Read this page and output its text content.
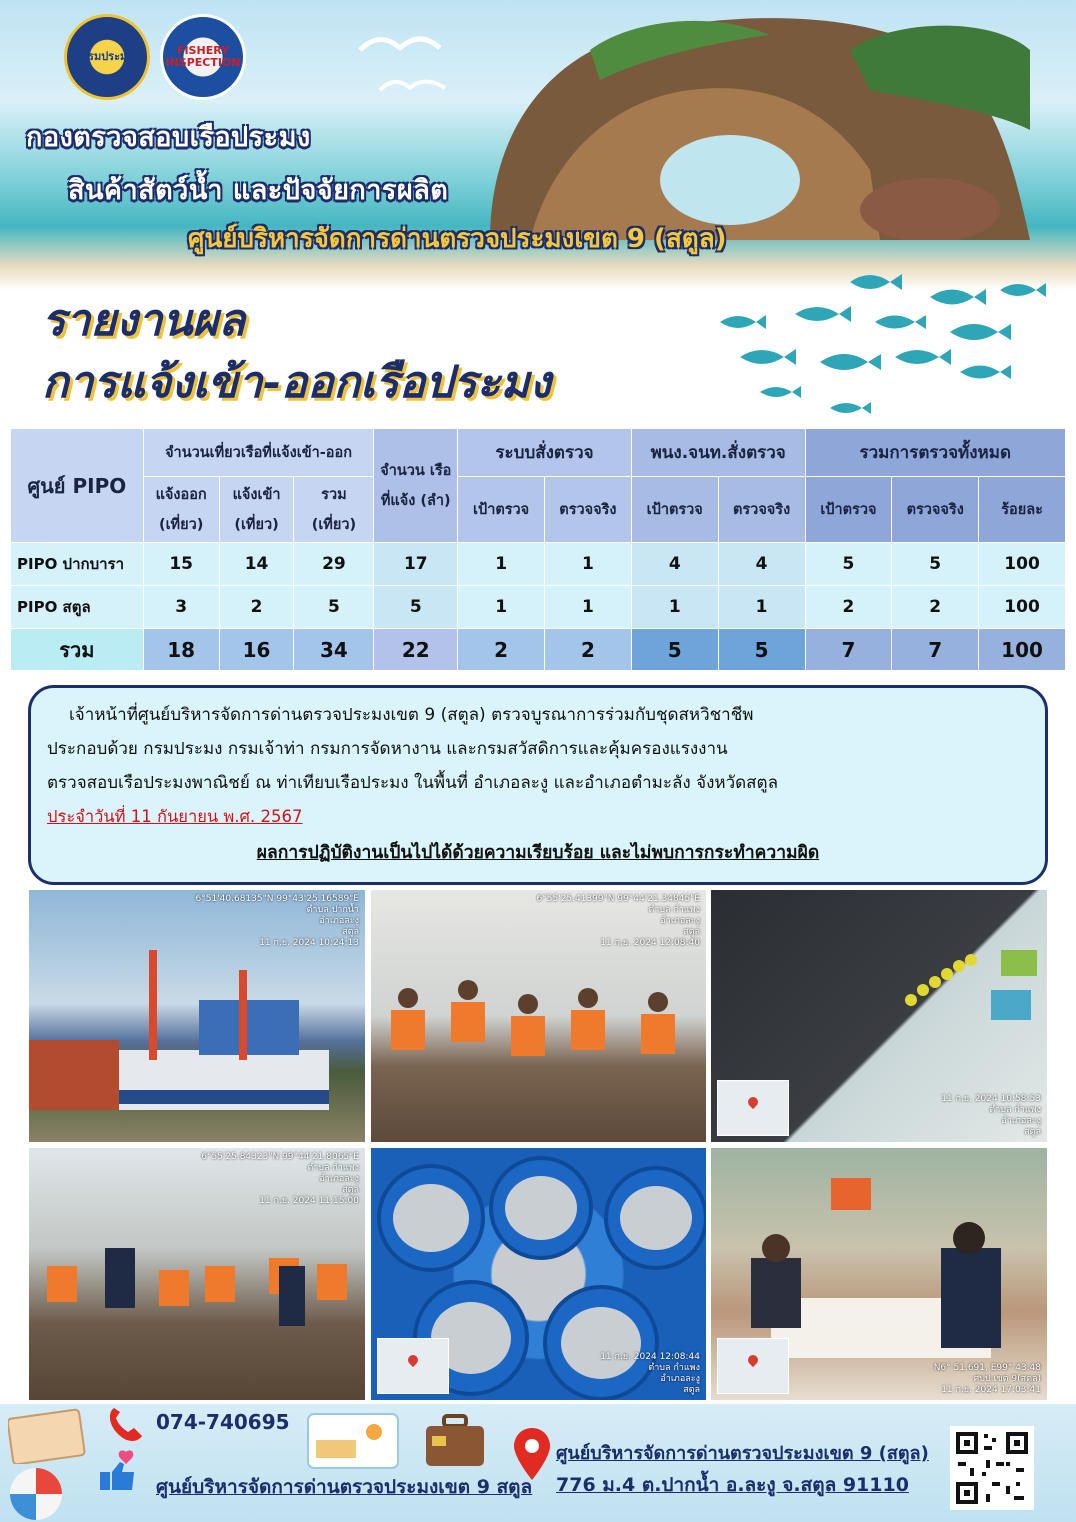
กรมประมง	FISHERY INSPECTION
กองตรวจสอบเรือประมง
สินค้าสัตว์น้ำ และปัจจัยการผลิต
ศูนย์บริหารจัดการด่านตรวจประมงเขต 9 (สตูล)
รายงานผล
การแจ้งเข้า-ออกเรือประมง
ศูนย์ PIPO	จำนวนเที่ยวเรือที่แจ้งเข้า-ออก			จำนวน เรือที่แจ้ง (ลำ)	ระบบสั่งตรวจ		พนง.จนท.สั่งตรวจ		รวมการตรวจทั้งหมด		
	แจ้งออก (เที่ยว)	แจ้งเข้า (เที่ยว)	รวม (เที่ยว)		เป้าตรวจ	ตรวจจริง	เป้าตรวจ	ตรวจจริง	เป้าตรวจ	ตรวจจริง	ร้อยละ
PIPO ปากบารา	15	14	29	17	1	1	4	4	5	5	100
PIPO สตูล	3	2	5	5	1	1	1	1	2	2	100
รวม	18	16	34	22	2	2	5	5	7	7	100
เจ้าหน้าที่ศูนย์บริหารจัดการด่านตรวจประมงเขต 9 (สตูล) ตรวจบูรณาการร่วมกับชุดสหวิชาชีพ
ประกอบด้วย กรมประมง กรมเจ้าท่า กรมการจัดหางาน และกรมสวัสดิการและคุ้มครองแรงงาน
ตรวจสอบเรือประมงพาณิชย์ ณ ท่าเทียบเรือประมง ในพื้นที่ อำเภอละงู และอำเภอตำมะลัง จังหวัดสตูล
ประจำวันที่ 11 กันยายน พ.ศ. 2567
ผลการปฏิบัติงานเป็นไปได้ด้วยความเรียบร้อย และไม่พบการกระทำความผิด
6°51'40.68135"N 99°43'25.16589"E
ตำบล ปากน้ำ
อำเภอละงู
สตูล
11 ก.ย. 2024 10:24:13
6°55'25.41399"N 99°44'21.34845"E
ตำบล กำแพง
อำเภอละงู
สตูล
11 ก.ย. 2024 12:08:40
11 ก.ย. 2024 10:58:53
ตำบล กำแพง
อำเภอละงู
สตูล
6°55'25.84323"N 99°44'21.8065"E
ตำบล กำแพง
อำเภอละงู
สตูล
11 ก.ย. 2024 11:15:00
11 ก.ย. 2024 12:08:44
ตำบล กำแพง
อำเภอละงู
สตูล
N6° 51.691, E99° 43.48
ศปป.เขต 9(สตูล)
11 ก.ย. 2024 17:03:41
074-740695
ศูนย์บริหารจัดการด่านตรวจประมงเขต 9 สตูล
ศูนย์บริหารจัดการด่านตรวจประมงเขต 9 (สตูล)
776 ม.4 ต.ปากน้ำ อ.ละงู จ.สตูล 91110
